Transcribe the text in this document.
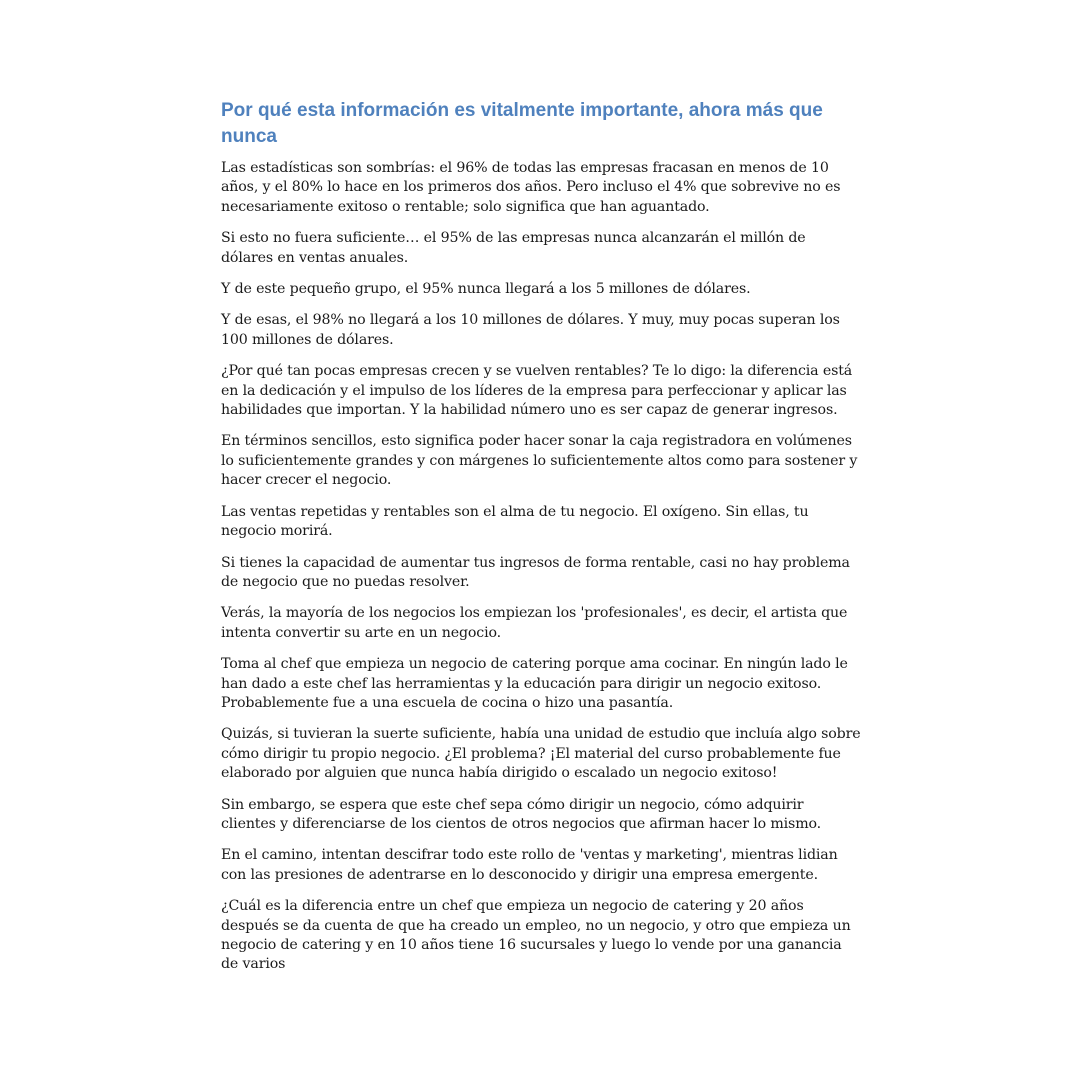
Por qué esta información es vitalmente importante, ahora más que nunca

Las estadísticas son sombrías: el 96% de todas las empresas fracasan en menos de 10 años, y el 80% lo hace en los primeros dos años. Pero incluso el 4% que sobrevive no es necesariamente exitoso o rentable; solo significa que han aguantado.

Si esto no fuera suficiente… el 95% de las empresas nunca alcanzarán el millón de dólares en ventas anuales.

Y de este pequeño grupo, el 95% nunca llegará a los 5 millones de dólares.

Y de esas, el 98% no llegará a los 10 millones de dólares. Y muy, muy pocas superan los 100 millones de dólares.

¿Por qué tan pocas empresas crecen y se vuelven rentables? Te lo digo: la diferencia está en la dedicación y el impulso de los líderes de la empresa para perfeccionar y aplicar las habilidades que importan. Y la habilidad número uno es ser capaz de generar ingresos.

En términos sencillos, esto significa poder hacer sonar la caja registradora en volúmenes lo suficientemente grandes y con márgenes lo suficientemente altos como para sostener y hacer crecer el negocio.

Las ventas repetidas y rentables son el alma de tu negocio. El oxígeno. Sin ellas, tu negocio morirá.

Si tienes la capacidad de aumentar tus ingresos de forma rentable, casi no hay problema de negocio que no puedas resolver.

Verás, la mayoría de los negocios los empiezan los 'profesionales', es decir, el artista que intenta convertir su arte en un negocio.

Toma al chef que empieza un negocio de catering porque ama cocinar. En ningún lado le han dado a este chef las herramientas y la educación para dirigir un negocio exitoso. Probablemente fue a una escuela de cocina o hizo una pasantía.

Quizás, si tuvieran la suerte suficiente, había una unidad de estudio que incluía algo sobre cómo dirigir tu propio negocio. ¿El problema? ¡El material del curso probablemente fue elaborado por alguien que nunca había dirigido o escalado un negocio exitoso!

Sin embargo, se espera que este chef sepa cómo dirigir un negocio, cómo adquirir clientes y diferenciarse de los cientos de otros negocios que afirman hacer lo mismo.

En el camino, intentan descifrar todo este rollo de 'ventas y marketing', mientras lidian con las presiones de adentrarse en lo desconocido y dirigir una empresa emergente.

¿Cuál es la diferencia entre un chef que empieza un negocio de catering y 20 años después se da cuenta de que ha creado un empleo, no un negocio, y otro que empieza un negocio de catering y en 10 años tiene 16 sucursales y luego lo vende por una ganancia de varios
